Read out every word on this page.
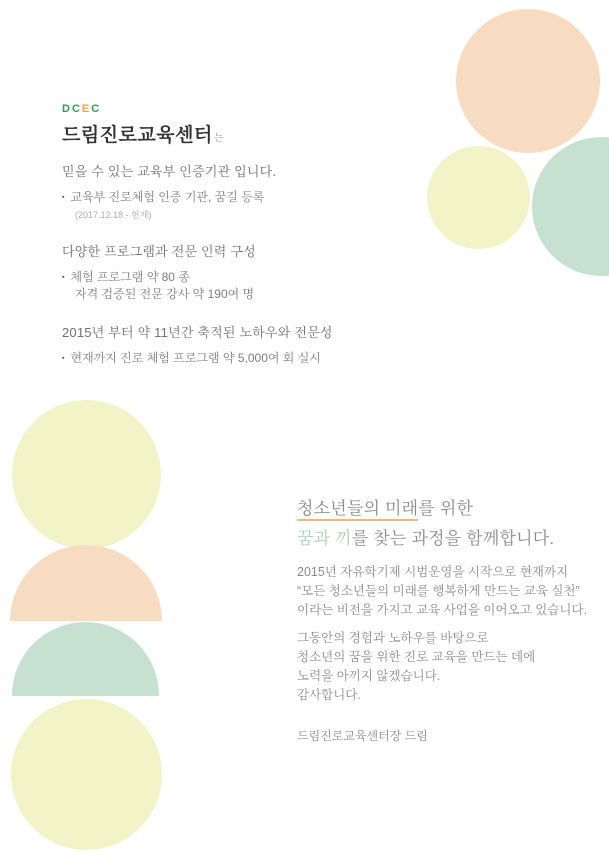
DCEC
드림진로교육센터는
믿을 수 있는 교육부 인증기관 입니다.
▪ 교육부 진로체험 인증 기관, 꿈길 등록
(2017.12.18 - 현재)
다양한 프로그램과 전문 인력 구성
▪ 체험 프로그램 약 80 종
자격 검증된 전문 강사 약 190여 명
2015년 부터 약 11년간 축적된 노하우와 전문성
▪ 현재까지 진로 체험 프로그램 약 5,000여 회 실시
청소년들의 미래를 위한
꿈과 끼를 찾는 과정을 함께합니다.
2015년 자유학기제 시범운영을 시작으로 현재까지
“모든 청소년들의 미래를 행복하게 만드는 교육 실천”
이라는 비전을 가지고 교육 사업을 이어오고 있습니다.
그동안의 경험과 노하우를 바탕으로
청소년의 꿈을 위한 진로 교육을 만드는 데에
노력을 아끼지 않겠습니다.
감사합니다.
드림진로교육센터장 드림
